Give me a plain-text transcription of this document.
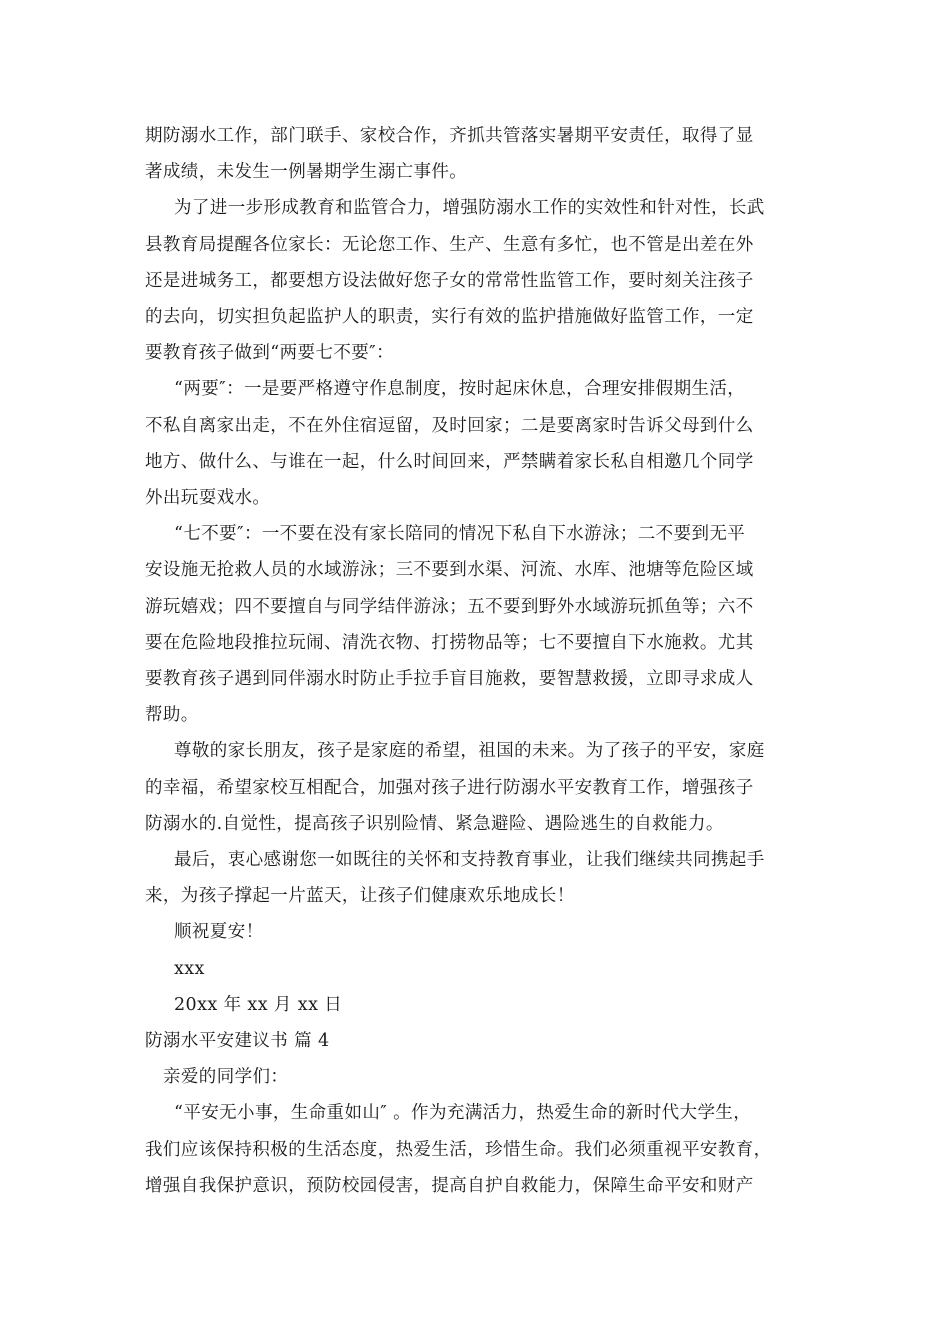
期防溺水工作，部门联手、家校合作，齐抓共管落实暑期平安责任，取得了显
著成绩，未发生一例暑期学生溺亡事件。
为了进一步形成教育和监管合力，增强防溺水工作的实效性和针对性，长武
县教育局提醒各位家长：无论您工作、生产、生意有多忙，也不管是出差在外
还是进城务工，都要想方设法做好您子女的常常性监管工作，要时刻关注孩子
的去向，切实担负起监护人的职责，实行有效的监护措施做好监管工作，一定
要教育孩子做到“两要七不要″：
“两要″：一是要严格遵守作息制度，按时起床休息，合理安排假期生活，
不私自离家出走，不在外住宿逗留，及时回家；二是要离家时告诉父母到什么
地方、做什么、与谁在一起，什么时间回来，严禁瞒着家长私自相邀几个同学
外出玩耍戏水。
“七不要″：一不要在没有家长陪同的情况下私自下水游泳；二不要到无平
安设施无抢救人员的水域游泳；三不要到水渠、河流、水库、池塘等危险区域
游玩嬉戏；四不要擅自与同学结伴游泳；五不要到野外水域游玩抓鱼等；六不
要在危险地段推拉玩闹、清洗衣物、打捞物品等；七不要擅自下水施救。尤其
要教育孩子遇到同伴溺水时防止手拉手盲目施救，要智慧救援，立即寻求成人
帮助。
尊敬的家长朋友，孩子是家庭的希望，祖国的未来。为了孩子的平安，家庭
的幸福，希望家校互相配合，加强对孩子进行防溺水平安教育工作，增强孩子
防溺水的.自觉性，提高孩子识别险情、紧急避险、遇险逃生的自救能力。
最后，衷心感谢您一如既往的关怀和支持教育事业，让我们继续共同携起手
来，为孩子撑起一片蓝天，让孩子们健康欢乐地成长！
顺祝夏安！
xxx
20xx 年 xx 月 xx 日
防溺水平安建议书 篇 4
亲爱的同学们：
“平安无小事，生命重如山″ 。作为充满活力，热爱生命的新时代大学生，
我们应该保持积极的生活态度，热爱生活，珍惜生命。我们必须重视平安教育，
增强自我保护意识，预防校园侵害，提高自护自救能力，保障生命平安和财产
